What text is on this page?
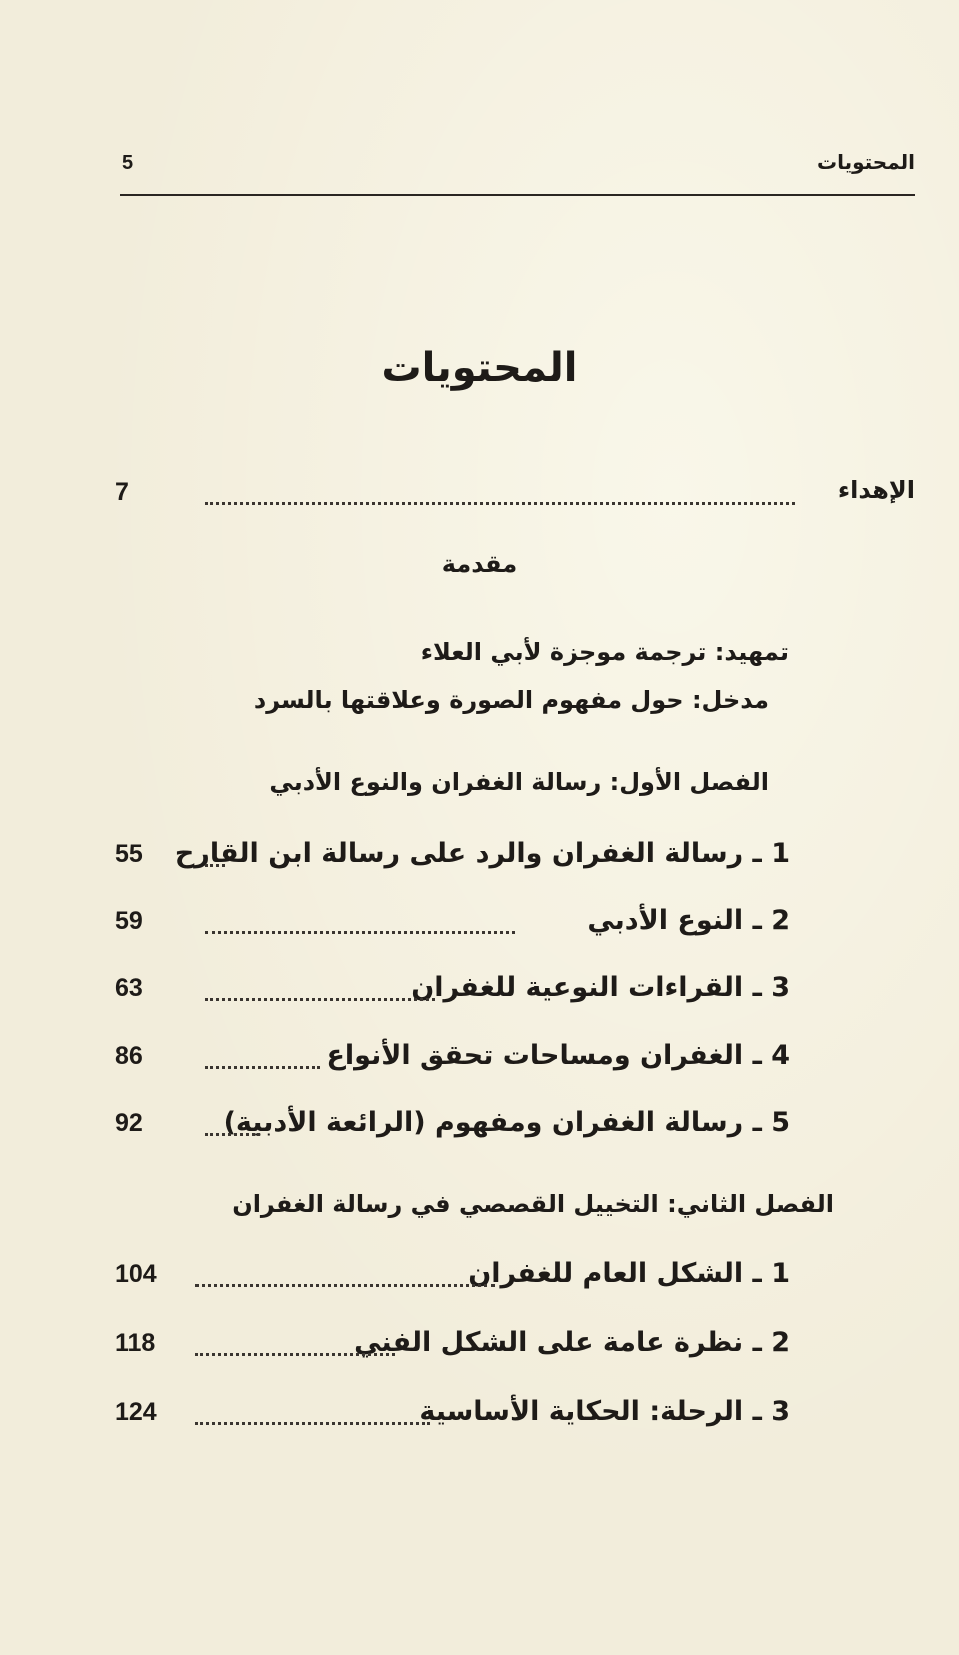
المحتويات
5
المحتويات
الإهداء
7
مقدمة
تمهيد: ترجمة موجزة لأبي العلاء
مدخل: حول مفهوم الصورة وعلاقتها بالسرد
الفصل الأول: رسالة الغفران والنوع الأدبي
1 ـ رسالة الغفران والرد على رسالة ابن القارح
55
2 ـ النوع الأدبي
59
3 ـ القراءات النوعية للغفران
63
4 ـ الغفران ومساحات تحقق الأنواع
86
5 ـ رسالة الغفران ومفهوم (الرائعة الأدبية)
92
الفصل الثاني: التخييل القصصي في رسالة الغفران
1 ـ الشكل العام للغفران
104
2 ـ نظرة عامة على الشكل الفني
118
3 ـ الرحلة: الحكاية الأساسية
124
